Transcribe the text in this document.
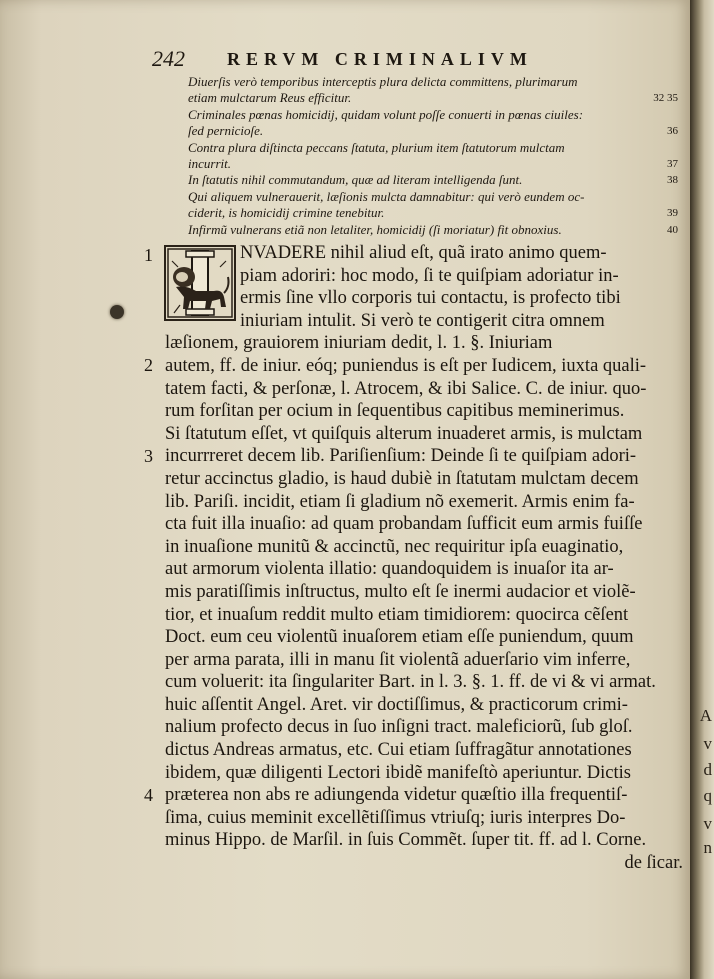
242 RERVM CRIMINALIVM
Diuerſis verò temporibus interceptis plura delicta committens, plurimarum
etiam mulctarum Reus efficitur.	32 35
Criminales pœnas homicidij, quidam volunt poſſe conuerti in pœnas ciuiles:
ſed pernicioſe.	36
Contra plura diſtincta peccans ſtatuta, plurium item ſtatutorum mulctam
incurrit.	37
In ſtatutis nihil commutandum, quæ ad literam intelligenda ſunt.	38
Qui aliquem vulnerauerit, læſionis mulcta damnabitur: qui verò eundem oc-
ciderit, is homicidij crimine tenebitur.	39
Infirmũ vulnerans etiã non letaliter, homicidij (ſi moriatur) fit obnoxius.	40
1
2
3
4
NVADERE nihil aliud eſt, quã irato animo quem-
piam adoriri: hoc modo, ſi te quiſpiam adoriatur in-
ermis ſine vllo corporis tui contactu, is profecto tibi
iniuriam intulit. Si verò te contigerit citra omnem
læſionem, grauiorem iniuriam dedit, l. 1. §. Iniuriam
autem, ff. de iniur. eóq; puniendus is eſt per Iudicem, iuxta quali-
tatem facti, & perſonæ, l. Atrocem, & ibi Salice. C. de iniur. quo-
rum forſitan per ocium in ſequentibus capitibus meminerimus.
Si ſtatutum eſſet, vt quiſquis alterum inuaderet armis, is mulctam
incurrreret decem lib. Pariſienſium: Deinde ſi te quiſpiam adori-
retur accinctus gladio, is haud dubiè in ſtatutam mulctam decem
lib. Pariſi. incidit, etiam ſi gladium nõ exemerit. Armis enim fa-
cta fuit illa inuaſio: ad quam probandam ſufficit eum armis fuiſſe
in inuaſione munitũ & accinctũ, nec requiritur ipſa euaginatio,
aut armorum violenta illatio: quandoquidem is inuaſor ita ar-
mis paratiſſimis inſtructus, multo eſt ſe inermi audacior et violẽ-
tior, et inuaſum reddit multo etiam timidiorem: quocirca cẽſent
Doct. eum ceu violentũ inuaſorem etiam eſſe puniendum, quum
per arma parata, illi in manu ſit violentã aduerſario vim inferre,
cum voluerit: ita ſingulariter Bart. in l. 3. §. 1. ff. de vi & vi armat.
huic aſſentit Angel. Aret. vir doctiſſimus, & practicorum crimi-
nalium profecto decus in ſuo inſigni tract. maleficiorũ, ſub gloſ.
dictus Andreas armatus, etc. Cui etiam ſuffragãtur annotationes
ibidem, quæ diligenti Lectori ibidẽ manifeſtò aperiuntur. Dictis
præterea non abs re adiungenda videtur quæſtio illa frequentiſ-
ſima, cuius meminit excellẽtiſſimus vtriuſq; iuris interpres Do-
minus Hippo. de Marſil. in ſuis Commẽt. ſuper tit. ff. ad l. Corne.
de ſicar.
A
v
d
q
v
n
